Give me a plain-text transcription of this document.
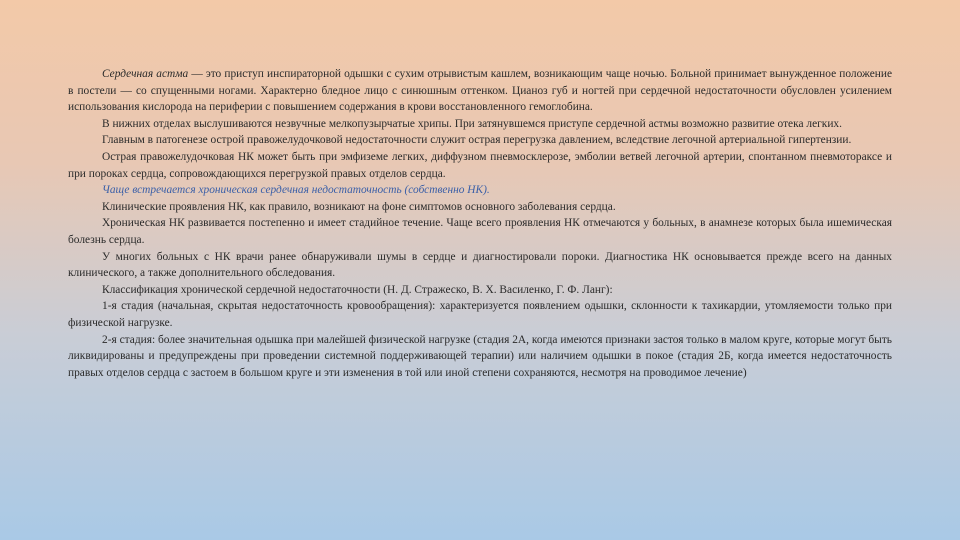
Сердечная астма — это приступ инспираторной одышки с сухим отрывистым кашлем, возникающим чаще ночью. Больной принимает вынужденное положение в постели — со спущенными ногами. Характерно бледное лицо с синюшным оттенком. Цианоз губ и ногтей при сердечной недостаточности обусловлен усилением использования кислорода на периферии с повышением содержания в крови восстановленного гемоглобина.

В нижних отделах выслушиваются незвучные мелкопузырчатые хрипы. При затянувшемся приступе сердечной астмы возможно развитие отека легких.

Главным в патогенезе острой правожелудочковой недостаточности служит острая перегрузка давлением, вследствие легочной артериальной гипертензии.

Острая правожелудочковая НК может быть при эмфиземе легких, диффузном пневмосклерозе, эмболии ветвей легочной артерии, спонтанном пневмотораксе и при пороках сердца, сопровождающихся перегрузкой правых отделов сердца.

Чаще встречается хроническая сердечная недостаточность (собственно НК).

Клинические проявления НК, как правило, возникают на фоне симптомов основного заболевания сердца.

Хроническая НК развивается постепенно и имеет стадийное течение. Чаще всего проявления НК отмечаются у больных, в анамнезе которых была ишемическая болезнь сердца.

У многих больных с НК врачи ранее обнаруживали шумы в сердце и диагностировали пороки. Диагностика НК основывается прежде всего на данных клинического, а также дополнительного обследования.

Классификация хронической сердечной недостаточности (Н. Д. Стражеско, В. Х. Василенко, Г. Ф. Ланг):

1-я стадия (начальная, скрытая недостаточность кровообращения): характеризуется появлением одышки, склонности к тахикардии, утомляемости только при физической нагрузке.

2-я стадия: более значительная одышка при малейшей физической нагрузке (стадия 2А, когда имеются признаки застоя только в малом круге, которые могут быть ликвидированы и предупреждены при проведении системной поддерживающей терапии) или наличием одышки в покое (стадия 2Б, когда имеется недостаточность правых отделов сердца с застоем в большом круге и эти изменения в той или иной степени сохраняются, несмотря на проводимое лечение)
